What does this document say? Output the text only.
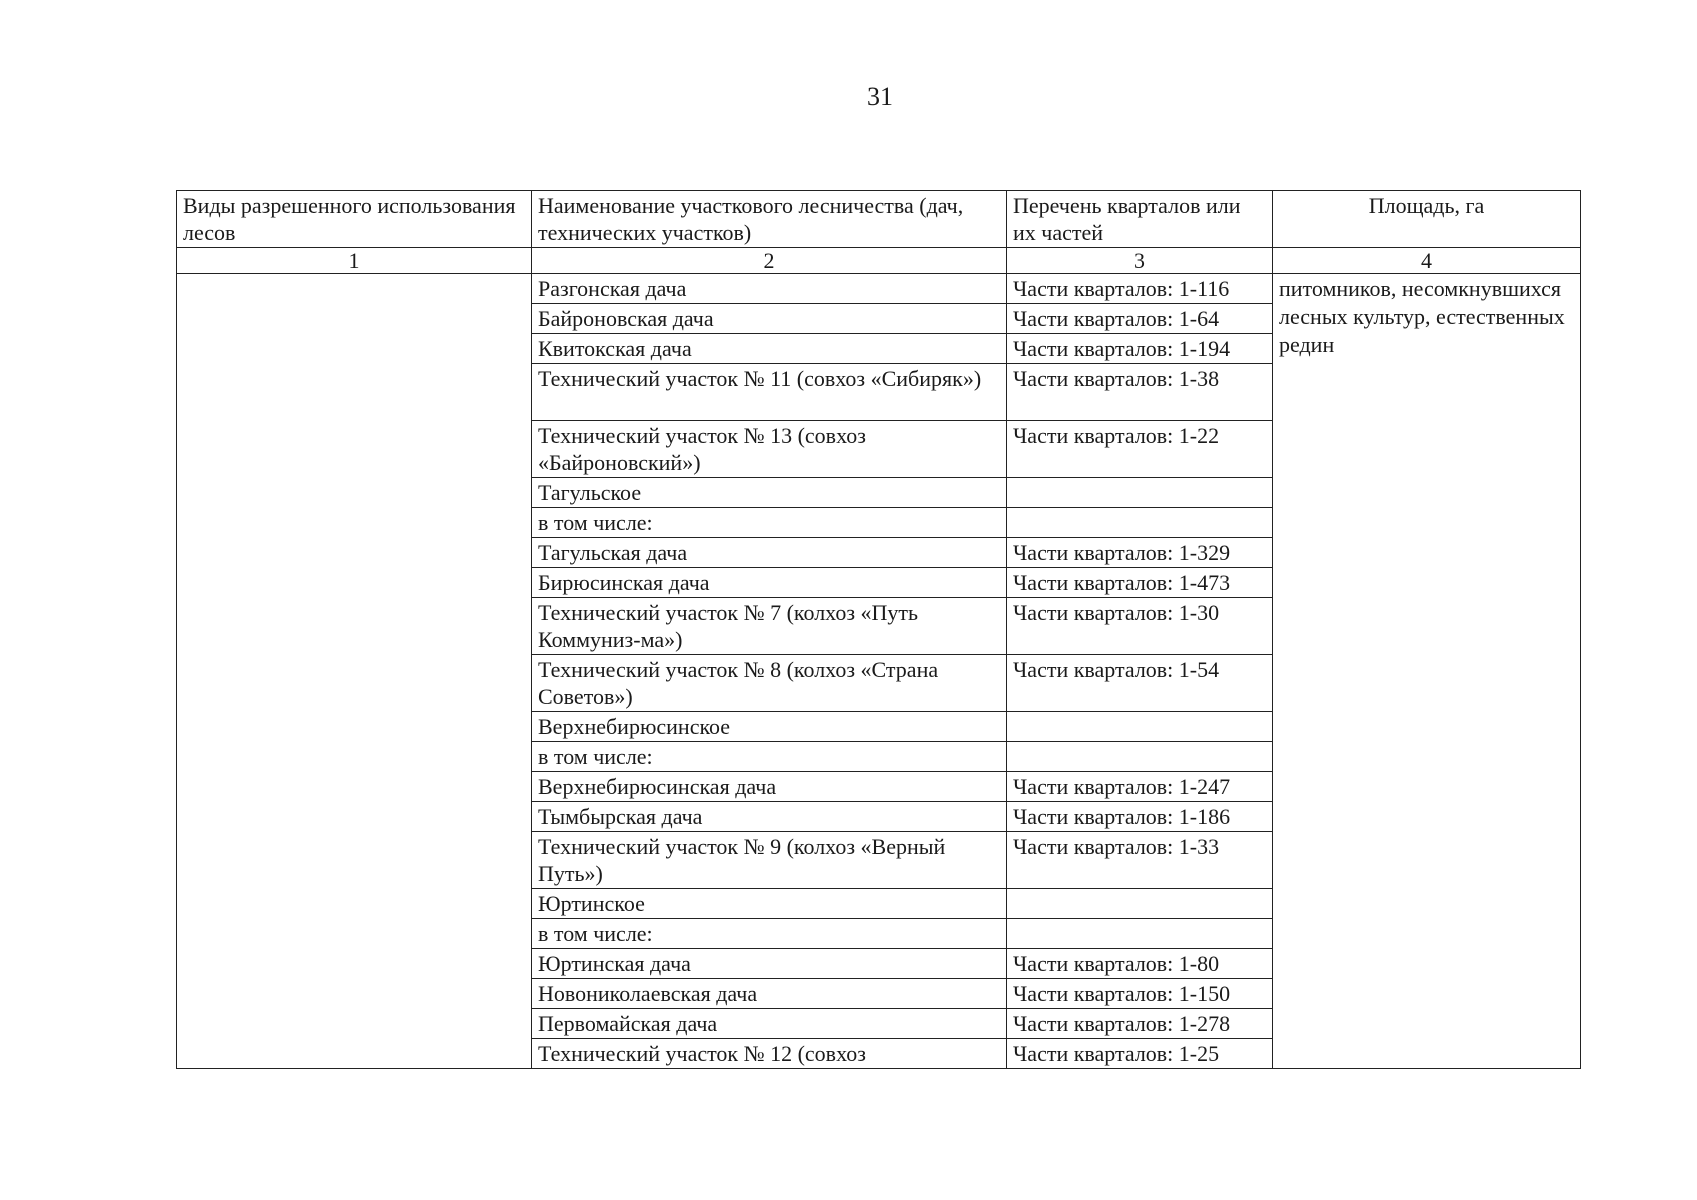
31
Виды разрешенного использования лесов	Наименование участкового лесничества (дач, технических участков)	Перечень кварталов или их частей	Площадь, га
1	2	3	4
	Разгонская дача	Части кварталов: 1-116	питомников, несомкнувшихся лесных культур, естественных редин
	Байроновская дача	Части кварталов: 1-64	
	Квитокская дача	Части кварталов: 1-194	
	Технический участок № 11 (совхоз «Сибиряк»)	Части кварталов: 1-38	
	Технический участок № 13 (совхоз «Байроновский»)	Части кварталов: 1-22	
	Тагульское		
	в том числе:		
	Тагульская дача	Части кварталов: 1-329	
	Бирюсинская дача	Части кварталов: 1-473	
	Технический участок № 7 (колхоз «Путь Коммуниз-ма»)	Части кварталов: 1-30	
	Технический участок № 8 (колхоз «Страна Советов»)	Части кварталов: 1-54	
	Верхнебирюсинское		
	в том числе:		
	Верхнебирюсинская дача	Части кварталов: 1-247	
	Тымбырская дача	Части кварталов: 1-186	
	Технический участок № 9 (колхоз «Верный Путь»)	Части кварталов: 1-33	
	Юртинское		
	в том числе:		
	Юртинская дача	Части кварталов: 1-80	
	Новониколаевская дача	Части кварталов: 1-150	
	Первомайская дача	Части кварталов: 1-278	
	Технический участок № 12 (совхоз	Части кварталов: 1-25	
